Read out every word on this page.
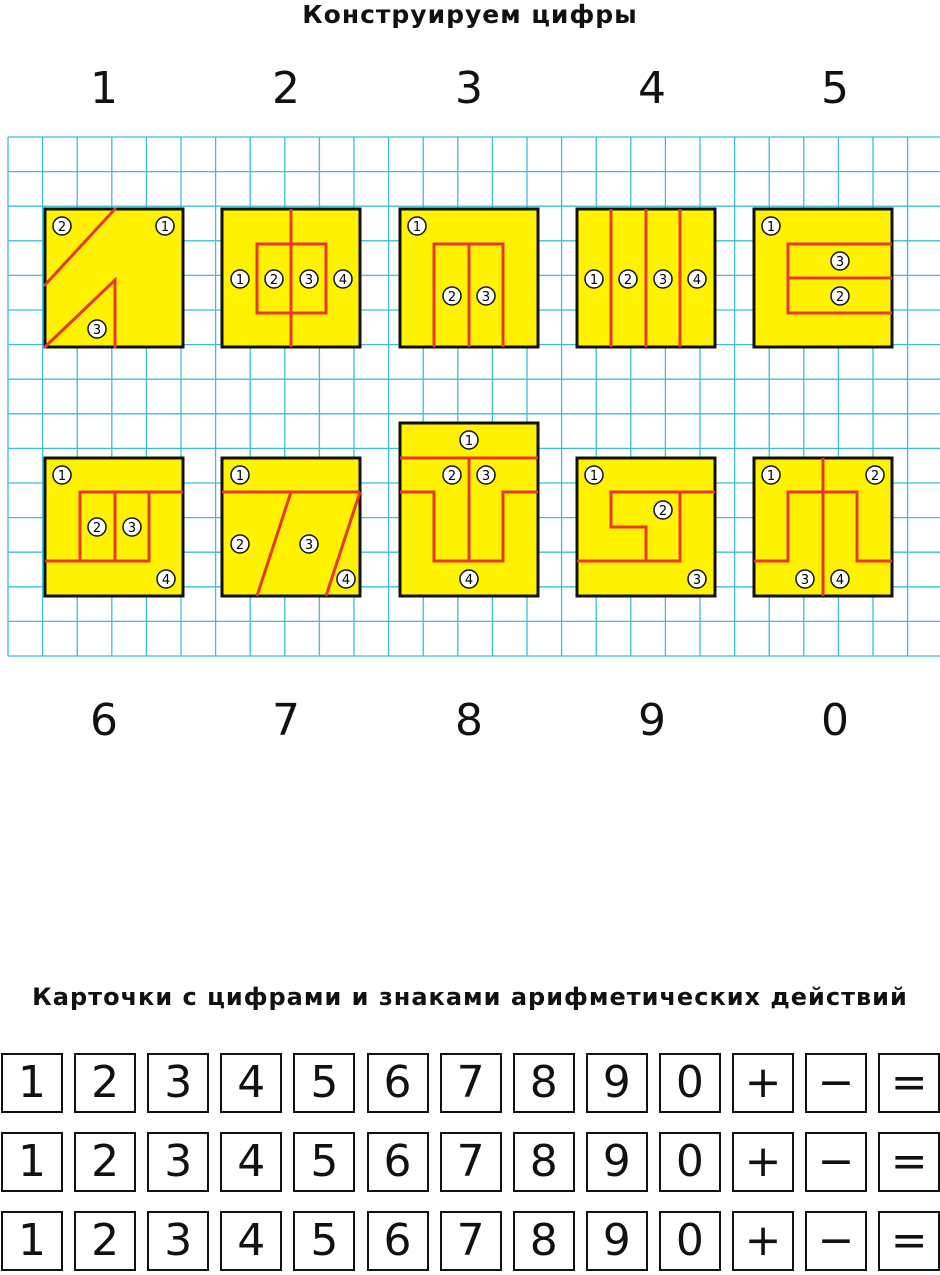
Конструируем цифры
1	2	3	4	5
2	1
3
1 2 3 4
1
2 3
1 2 3 4
1
3
2
1
2 3
4
1
2	3
4
1
2 3
4
1
2
3
1	2
3 4
6	7	8	9	0
Карточки с цифрами и знаками арифметических действий
1	2	3	4	5	6	7	8	9	0 + − =
1	2	3	4	5	6	7	8	9	0 + − =
1	2	3	4	5	6	7	8	9	0 + − =
